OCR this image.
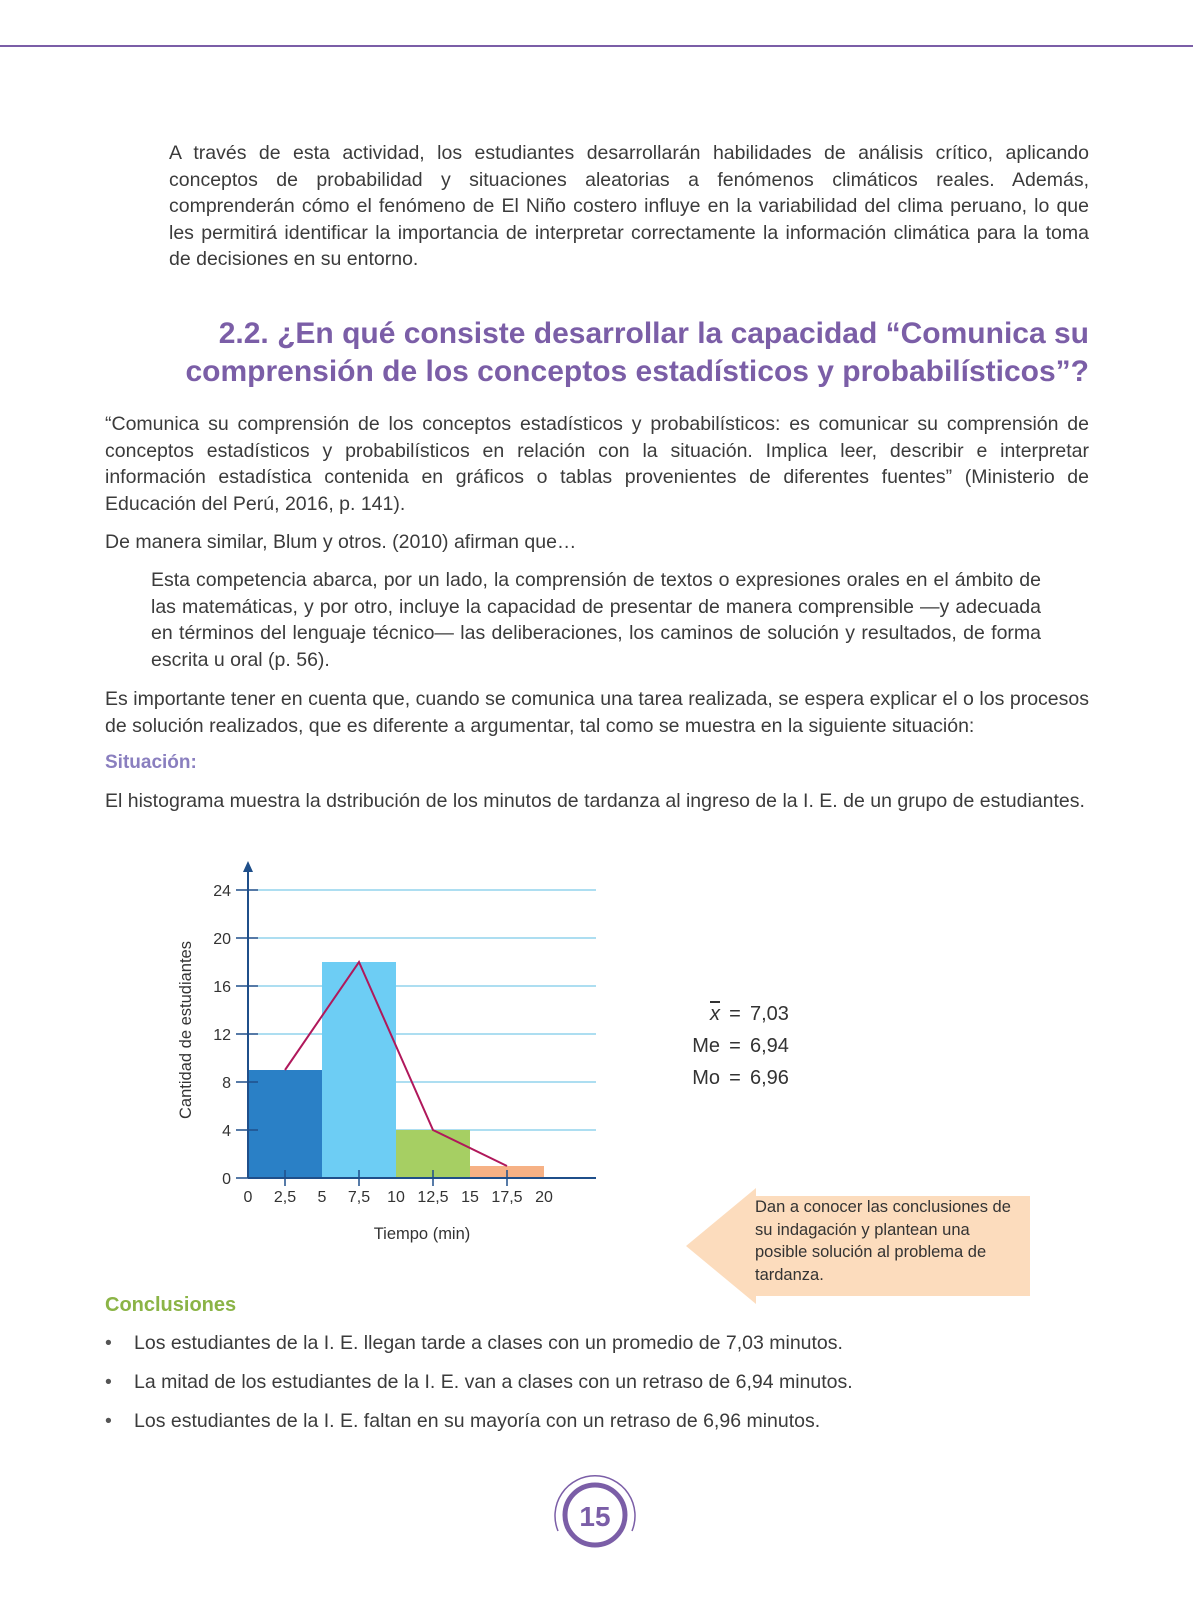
A través de esta actividad, los estudiantes desarrollarán habilidades de análisis crítico, aplicando conceptos de probabilidad y situaciones aleatorias a fenómenos climáticos reales. Además, comprenderán cómo el fenómeno de El Niño costero influye en la variabilidad del clima peruano, lo que les permitirá identificar la importancia de interpretar correctamente la información climática para la toma de decisiones en su entorno.

2.2. ¿En qué consiste desarrollar la capacidad “Comunica su
comprensión de los conceptos estadísticos y probabilísticos”?

“Comunica su comprensión de los conceptos estadísticos y probabilísticos: es comunicar su comprensión de conceptos estadísticos y probabilísticos en relación con la situación. Implica leer, describir e interpretar información estadística contenida en gráficos o tablas provenientes de diferentes fuentes” (Ministerio de Educación del Perú, 2016, p. 141).

De manera similar, Blum y otros. (2010) afirman que…

Esta competencia abarca, por un lado, la comprensión de textos o expresiones orales en el ámbito de las matemáticas, y por otro, incluye la capacidad de presentar de manera comprensible —y adecuada en términos del lenguaje técnico— las deliberaciones, los caminos de solución y resultados, de forma escrita u oral (p. 56).

Es importante tener en cuenta que, cuando se comunica una tarea realizada, se espera explicar el o los procesos de solución realizados, que es diferente a argumentar, tal como se muestra en la siguiente situación:

Situación:

El histograma muestra la dstribución de los minutos de tardanza al ingreso de la I. E. de un grupo de estudiantes.

0
4
8
12
16
20
24
0 2,5 5 7,5 10 12,5 15 17,5 20
Tiempo (min)
Cantidad de estudiantes	$\overline{x} = 7,03$
Me = 6,94
Mo = 6,96
Dan a conocer las conclusiones de su indagación y plantean una posible solución al problema de tardanza.
Conclusiones
• Los estudiantes de la I. E. llegan tarde a clases con un promedio de 7,03 minutos.
• La mitad de los estudiantes de la I. E. van a clases con un retraso de 6,94 minutos.
• Los estudiantes de la I. E. faltan en su mayoría con un retraso de 6,96 minutos.
15
